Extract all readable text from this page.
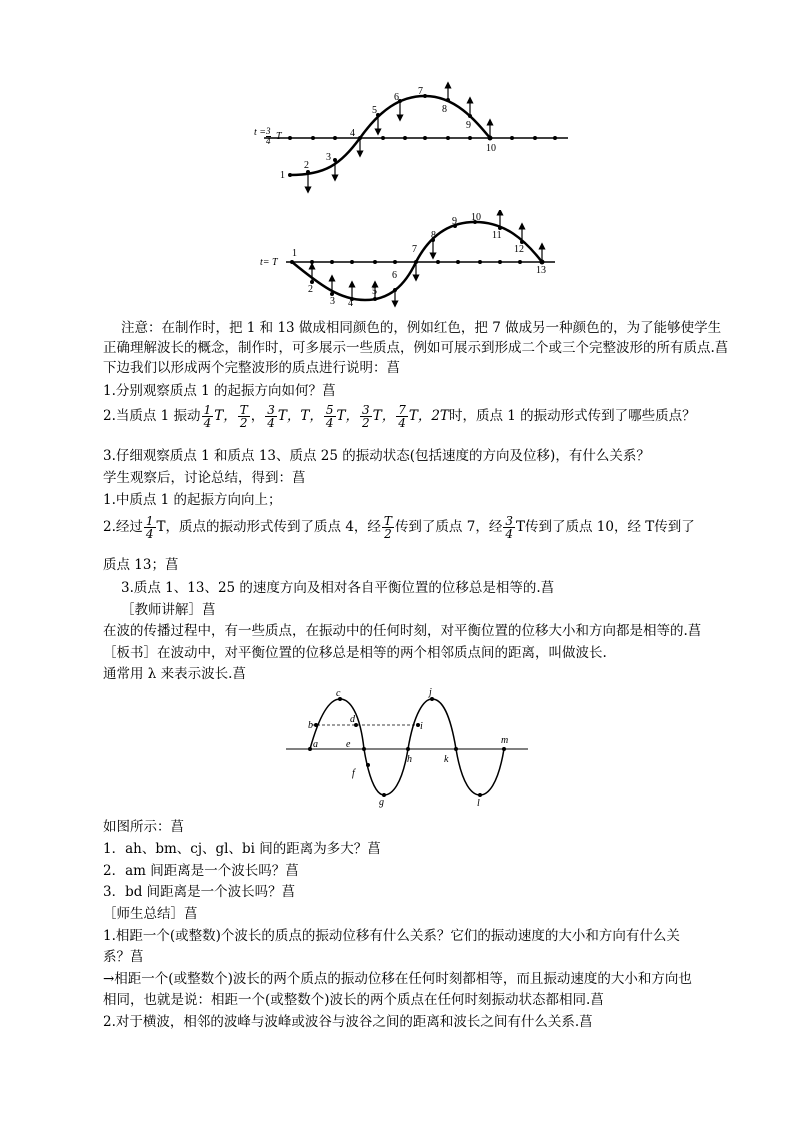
t =
1
2
3
4
5
6
7
8
9
10
t= T
1
2
3 4
5
6
7
8
9 10
11
12
13
注意：在制作时，把 1 和 13 做成相同颜色的，例如红色，把 7 做成另一种颜色的，为了能够使学生
正确理解波长的概念，制作时，可多展示一些质点，例如可展示到形成二个或三个完整波形的所有质点.菖
下边我们以形成两个完整波形的质点进行说明：菖
1.分别观察质点 1 的起振方向如何？菖
2.当质点 1 振动 $\frac{1}{4}$ T， $\frac{T}{2}$ ， $\frac{3}{4}$ T，T， $\frac{5}{4}$ T， $\frac{3}{2}$ T， $\frac{7}{4}$ T，2T时，质点 1 的振动形式传到了哪些质点？
3.仔细观察质点 1 和质点 13、质点 25 的振动状态(包括速度的方向及位移)，有什么关系？
学生观察后，讨论总结，得到：菖
1.中质点 1 的起振方向向上；
2.经过 $\frac{1}{4}$ T，质点的振动形式传到了质点 4，经 $\frac{T}{2}$ 传到了质点 7，经 $\frac{3}{4}$ T传到了质点 10，经 T传到了
质点 13；菖
3.质点 1、13、25 的速度方向及相对各自平衡位置的位移总是相等的.菖
［教师讲解］菖
在波的传播过程中，有一些质点，在振动中的任何时刻，对平衡位置的位移大小和方向都是相等的.菖
［板书］在波动中，对平衡位置的位移总是相等的两个相邻质点间的距离，叫做波长.
通常用 λ 来表示波长.菖
a
b
c
d
e
f
g
h
i
j
k
l
m
如图所示：菖
1．ah、bm、cj、gl、bi 间的距离为多大？菖
2．am 间距离是一个波长吗？菖
3．bd 间距离是一个波长吗？菖
［师生总结］菖
1.相距一个(或整数)个波长的质点的振动位移有什么关系？它们的振动速度的大小和方向有什么关
系？菖
→相距一个(或整数个)波长的两个质点的振动位移在任何时刻都相等，而且振动速度的大小和方向也
相同，也就是说：相距一个(或整数个)波长的两个质点在任何时刻振动状态都相同.菖
2.对于横波，相邻的波峰与波峰或波谷与波谷之间的距离和波长之间有什么关系.菖
3
4 T
